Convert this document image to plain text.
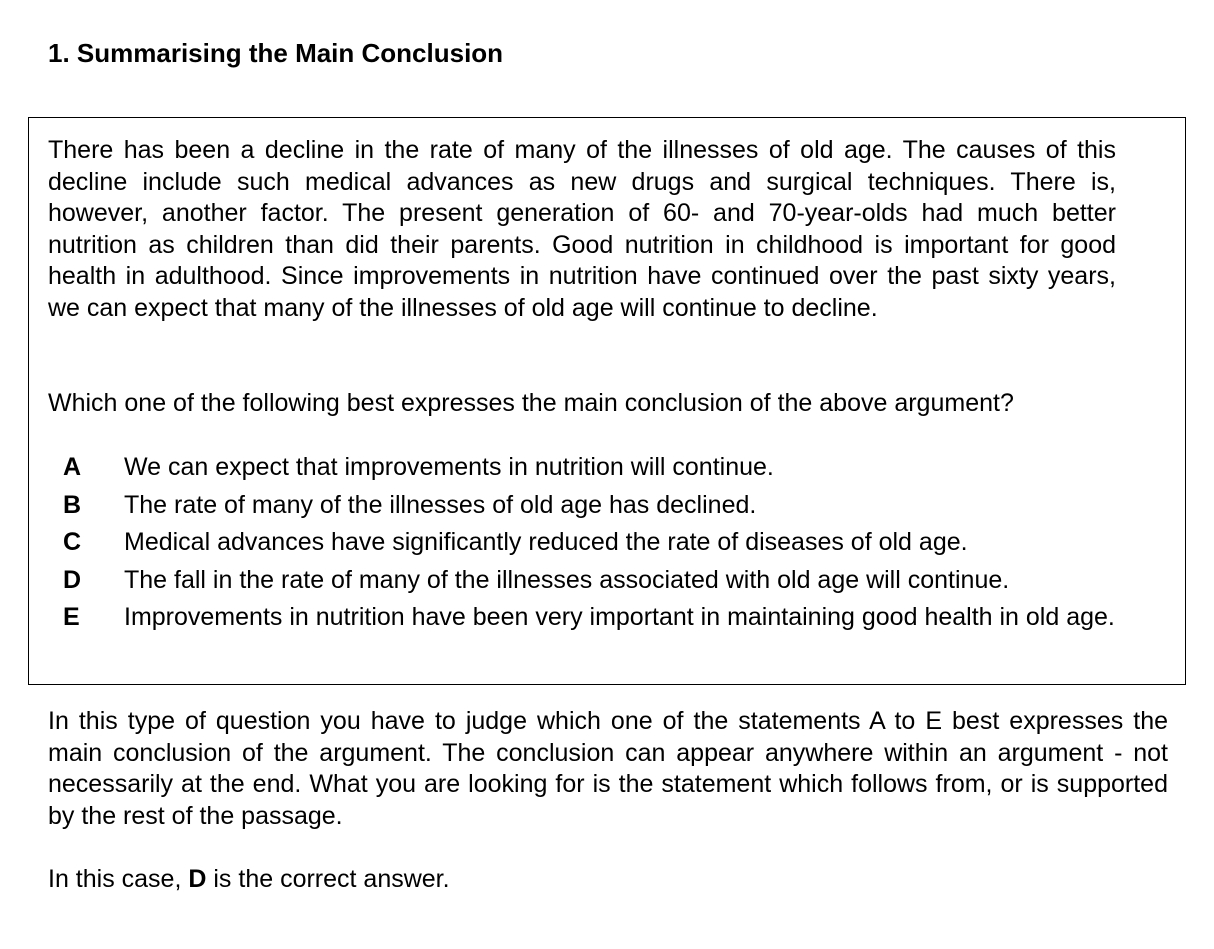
1. Summarising the Main Conclusion

There has been a decline in the rate of many of the illnesses of old age. The causes of this decline include such medical advances as new drugs and surgical techniques. There is, however, another factor. The present generation of 60- and 70-year-olds had much better nutrition as children than did their parents. Good nutrition in childhood is important for good health in adulthood. Since improvements in nutrition have continued over the past sixty years, we can expect that many of the illnesses of old age will continue to decline.

Which one of the following best expresses the main conclusion of the above argument?

A	We can expect that improvements in nutrition will continue.
B	The rate of many of the illnesses of old age has declined.
C	Medical advances have significantly reduced the rate of diseases of old age.
D	The fall in the rate of many of the illnesses associated with old age will continue.
E	Improvements in nutrition have been very important in maintaining good health in old age.

In this type of question you have to judge which one of the statements A to E best expresses the main conclusion of the argument. The conclusion can appear anywhere within an argument - not necessarily at the end. What you are looking for is the statement which follows from, or is supported by the rest of the passage.

In this case, D is the correct answer.
